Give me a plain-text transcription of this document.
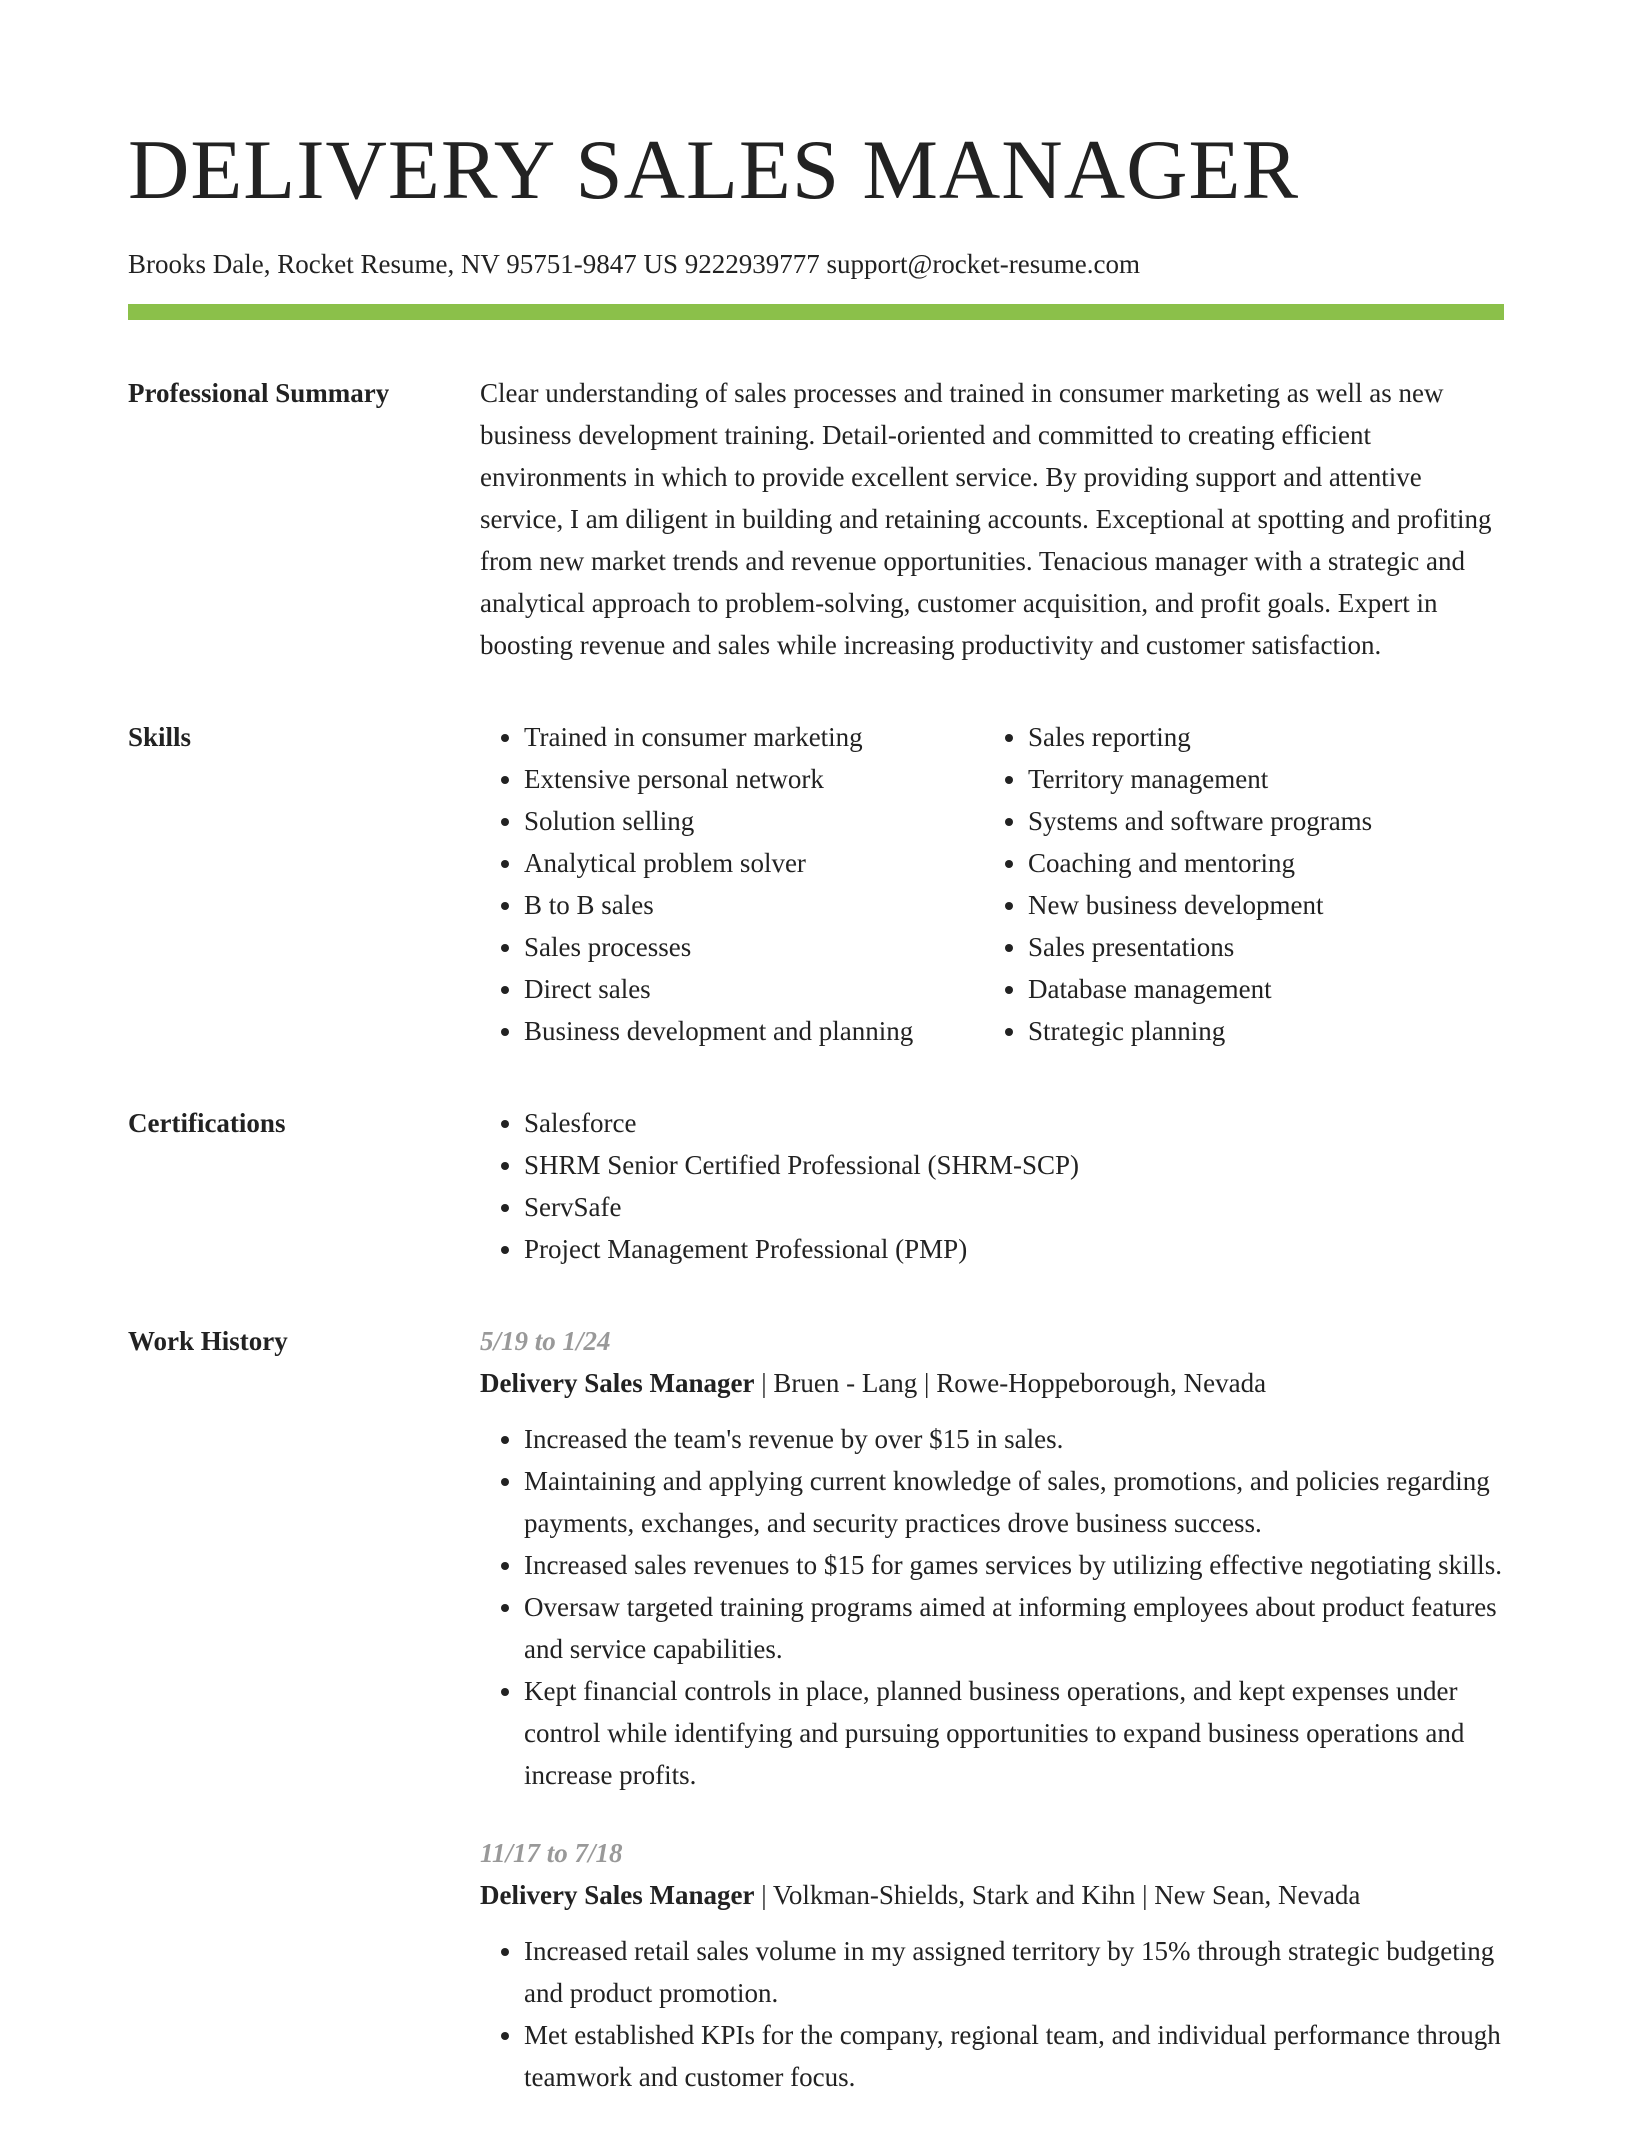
DELIVERY SALES MANAGER
Brooks Dale, Rocket Resume, NV 95751-9847 US 9222939777 support@rocket-resume.com
Professional Summary	Clear understanding of sales processes and trained in consumer marketing as well as new business development training. Detail-oriented and committed to creating efficient environments in which to provide excellent service. By providing support and attentive service, I am diligent in building and retaining accounts. Exceptional at spotting and profiting from new market trends and revenue opportunities. Tenacious manager with a strategic and analytical approach to problem-solving, customer acquisition, and profit goals. Expert in boosting revenue and sales while increasing productivity and customer satisfaction.

Skills	• Trained in consumer marketing
• Extensive personal network
• Solution selling
• Analytical problem solver
• B to B sales
• Sales processes
• Direct sales
• Business development and planning
• Sales reporting
• Territory management
• Systems and software programs
• Coaching and mentoring
• New business development
• Sales presentations
• Database management
• Strategic planning
Certifications	• Salesforce
• SHRM Senior Certified Professional (SHRM-SCP)
• ServSafe
• Project Management Professional (PMP)
Work History	5/19 to 1/24
Delivery Sales Manager | Bruen - Lang | Rowe-Hoppeborough, Nevada
• Increased the team's revenue by over $15 in sales.
• Maintaining and applying current knowledge of sales, promotions, and policies regarding payments, exchanges, and security practices drove business success.
• Increased sales revenues to $15 for games services by utilizing effective negotiating skills.
• Oversaw targeted training programs aimed at informing employees about product features and service capabilities.
• Kept financial controls in place, planned business operations, and kept expenses under control while identifying and pursuing opportunities to expand business operations and increase profits.
11/17 to 7/18
Delivery Sales Manager | Volkman-Shields, Stark and Kihn | New Sean, Nevada
• Increased retail sales volume in my assigned territory by 15% through strategic budgeting and product promotion.
• Met established KPIs for the company, regional team, and individual performance through teamwork and customer focus.
